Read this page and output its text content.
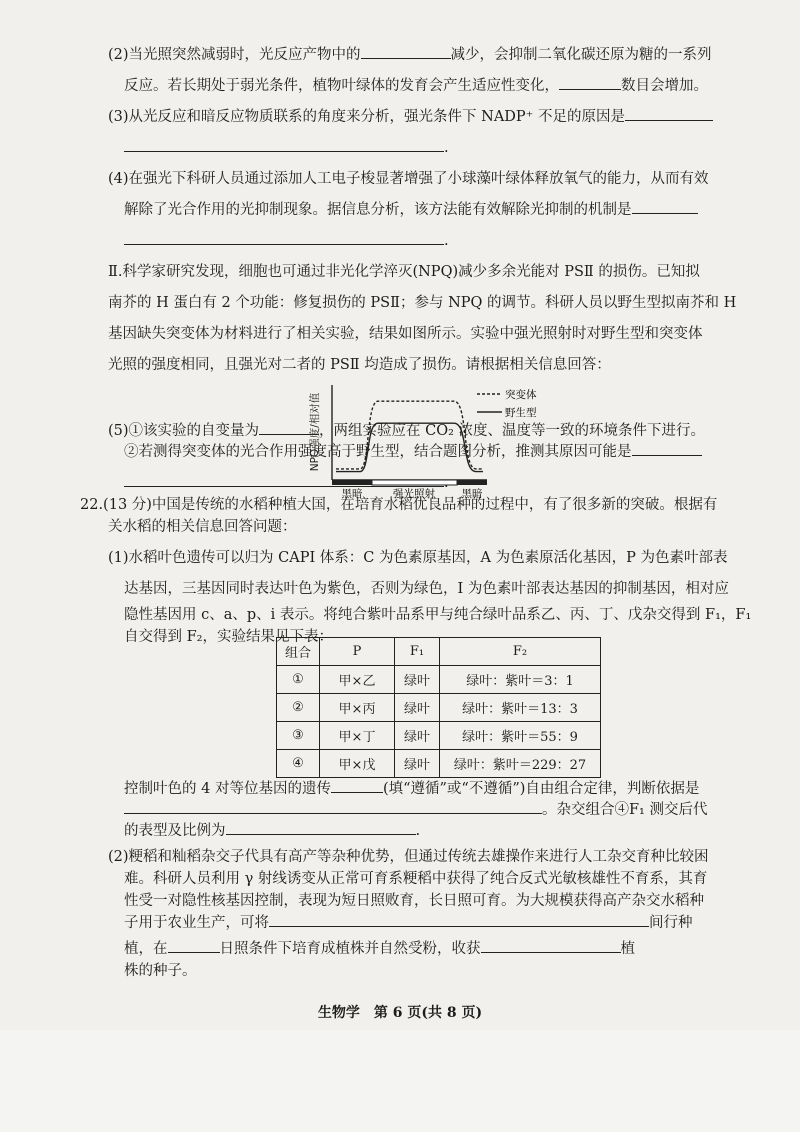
(2)当光照突然减弱时，光反应产物中的	减少，会抑制二氧化碳还原为糖的一系列

反应。若长期处于弱光条件，植物叶绿体的发育会产生适应性变化，	数目会增加。

(3)从光反应和暗反应物质联系的角度来分析，强光条件下 NADP⁺ 不足的原因是

.

(4)在强光下科研人员通过添加人工电子梭显著增强了小球藻叶绿体释放氧气的能力，从而有效

解除了光合作用的光抑制现象。据信息分析，该方法能有效解除光抑制的机制是

.

Ⅱ.科学家研究发现，细胞也可通过非光化学淬灭(NPQ)减少多余光能对 PSⅡ 的损伤。已知拟

南芥的 H 蛋白有 2 个功能：修复损伤的 PSⅡ；参与 NPQ 的调节。科研人员以野生型拟南芥和 H

基因缺失突变体为材料进行了相关实验，结果如图所示。实验中强光照射时对野生型和突变体

光照的强度相同，且强光对二者的 PSⅡ 均造成了损伤。请根据相关信息回答：

NPQ强度/相对值
黑暗	强光照射	黑暗
突变体
野生型

(5)①该实验的自变量为	，两组实验应在 CO₂ 浓度、温度等一致的环境条件下进行。

②若测得突变体的光合作用强度高于野生型，结合题图分析，推测其原因可能是

.

22.(13 分)中国是传统的水稻种植大国，在培育水稻优良品种的过程中，有了很多新的突破。根据有

关水稻的相关信息回答问题：

(1)水稻叶色遗传可以归为 CAPI 体系：C 为色素原基因，A 为色素原活化基因，P 为色素叶部表

达基因，三基因同时表达叶色为紫色，否则为绿色，I 为色素叶部表达基因的抑制基因，相对应

隐性基因用 c、a、p、i 表示。将纯合紫叶品系甲与纯合绿叶品系乙、丙、丁、戊杂交得到 F₁，F₁

自交得到 F₂，实验结果见下表：

组合	P	F₁	F₂
①	甲×乙	绿叶	绿叶：紫叶＝3：1
②	甲×丙	绿叶	绿叶：紫叶＝13：3
③	甲×丁	绿叶	绿叶：紫叶＝55：9
④	甲×戊	绿叶	绿叶：紫叶＝229：27

控制叶色的 4 对等位基因的遗传	(填“遵循”或“不遵循”)自由组合定律，判断依据是

。杂交组合④F₁ 测交后代

的表型及比例为	.

(2)粳稻和籼稻杂交子代具有高产等杂种优势，但通过传统去雄操作来进行人工杂交育种比较困

难。科研人员利用 γ 射线诱变从正常可育系粳稻中获得了纯合反式光敏核雄性不育系，其育

性受一对隐性核基因控制，表现为短日照败育，长日照可育。为大规模获得高产杂交水稻种

子用于农业生产，可将	间行种

植，在	日照条件下培育成植株并自然受粉，收获	植

株的种子。

生物学　第 6 页(共 8 页)
